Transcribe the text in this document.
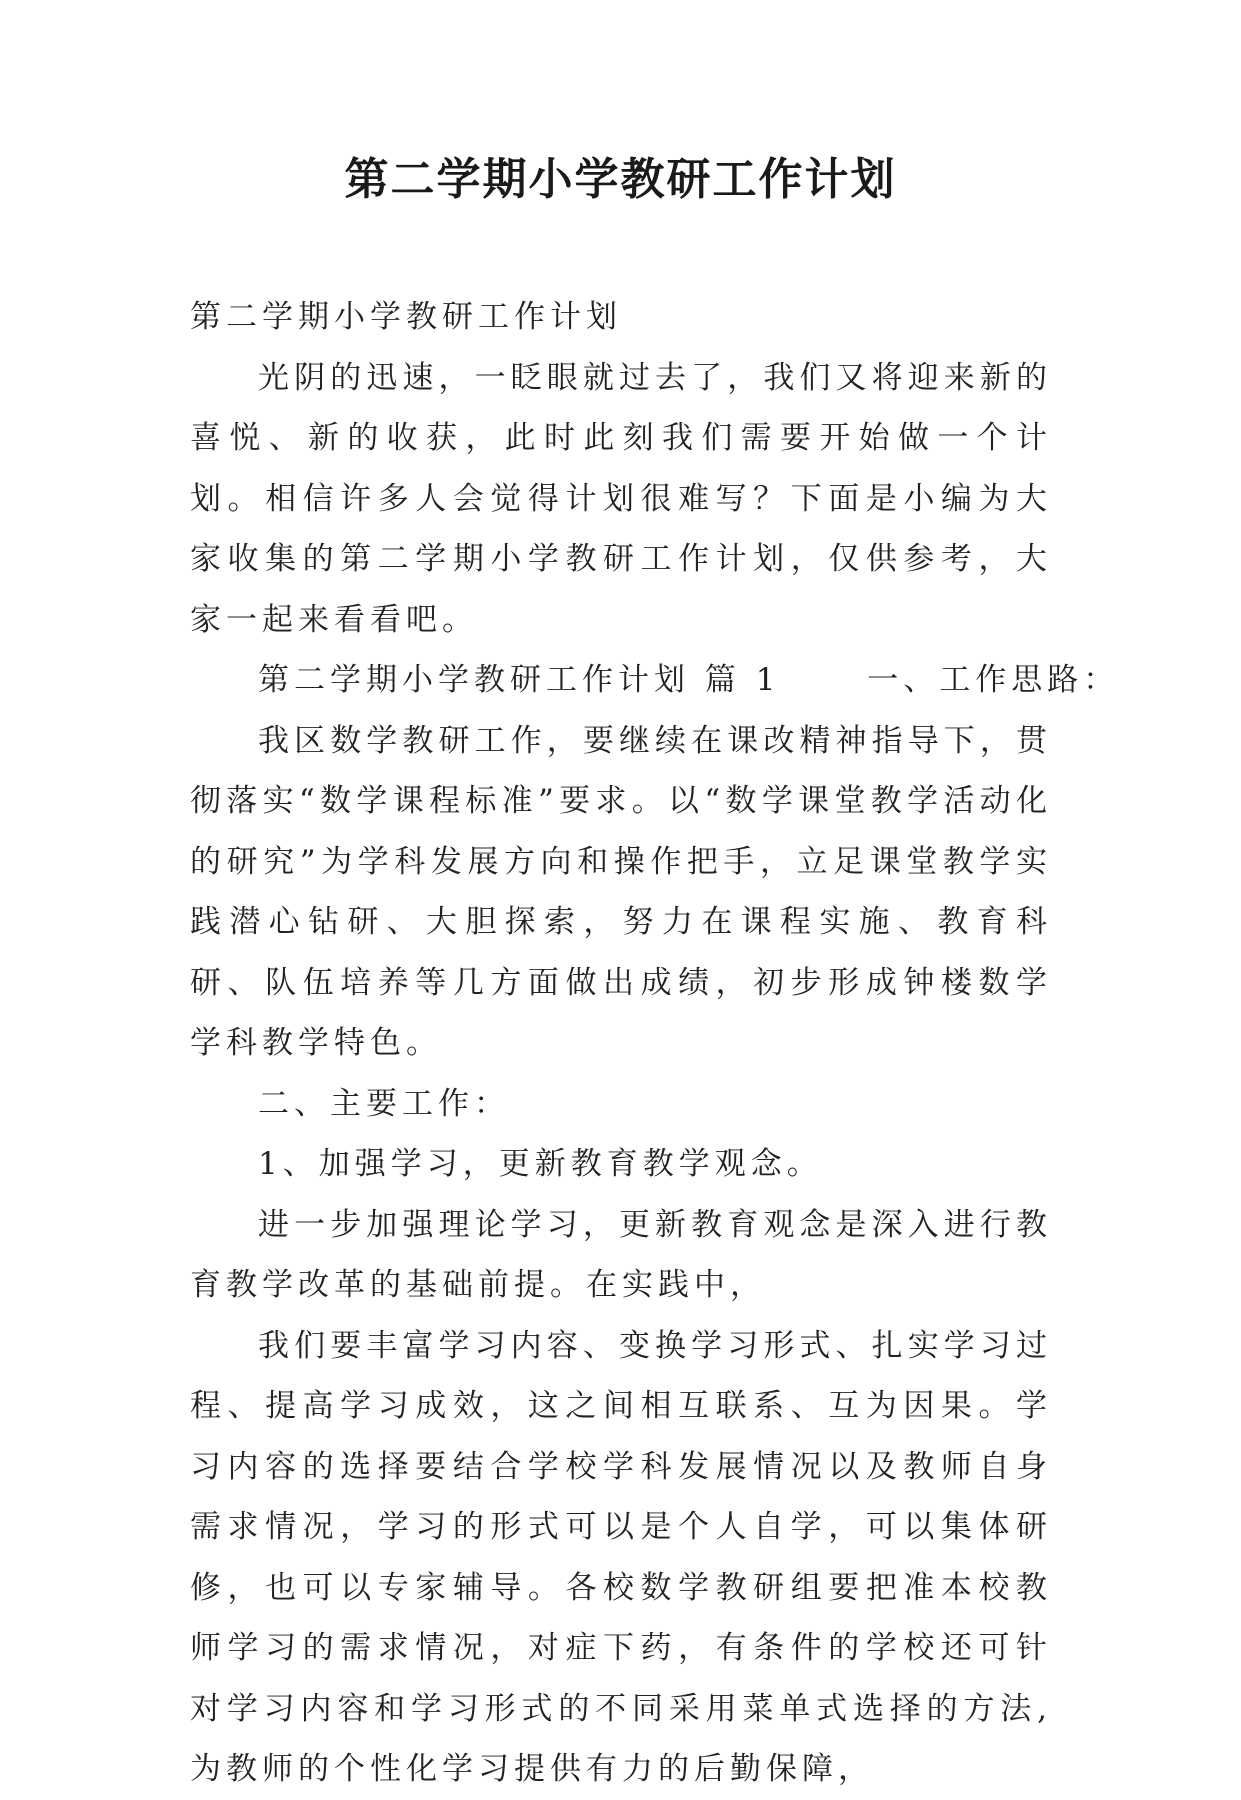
第二学期小学教研工作计划

第二学期小学教研工作计划

光阴的迅速，一眨眼就过去了，我们又将迎来新的喜悦、新的收获，此时此刻我们需要开始做一个计划。相信许多人会觉得计划很难写？下面是小编为大家收集的第二学期小学教研工作计划，仅供参考，大家一起来看看吧。

第二学期小学教研工作计划 篇 1　　 一、工作思路：

我区数学教研工作，要继续在课改精神指导下，贯彻落实“数学课程标准”要求。以“数学课堂教学活动化的研究”为学科发展方向和操作把手，立足课堂教学实践潜心钻研、大胆探索，努力在课程实施、教育科研、队伍培养等几方面做出成绩，初步形成钟楼数学学科教学特色。

二、主要工作：

1、加强学习，更新教育教学观念。

进一步加强理论学习，更新教育观念是深入进行教育教学改革的基础前提。在实践中，

我们要丰富学习内容、变换学习形式、扎实学习过程、提高学习成效，这之间相互联系、互为因果。学习内容的选择要结合学校学科发展情况以及教师自身需求情况，学习的形式可以是个人自学，可以集体研修，也可以专家辅导。各校数学教研组要把准本校教师学习的需求情况，对症下药，有条件的学校还可针对学习内容和学习形式的不同采用菜单式选择的方法,为教师的个性化学习提供有力的后勤保障，
